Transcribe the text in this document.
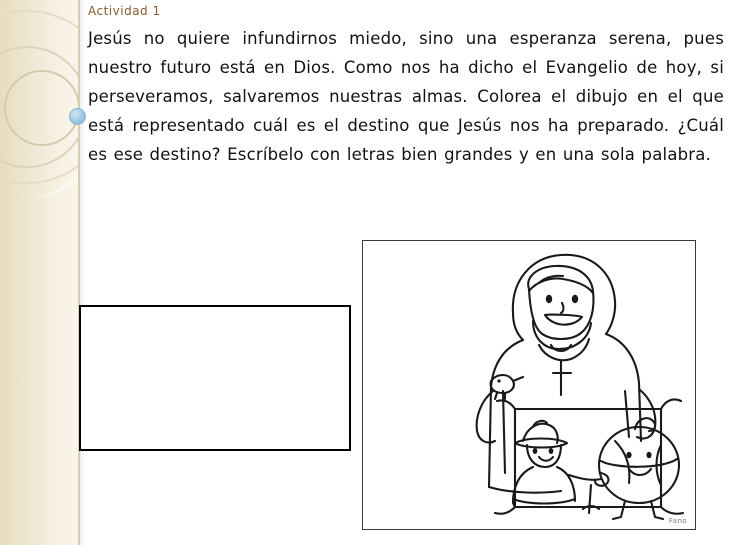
Actividad 1
Jesús no quiere infundirnos miedo, sino una esperanza serena, pues nuestro futuro está en Dios. Como nos ha dicho el Evangelio de hoy, si perseveramos, salvaremos nuestras almas. Colorea el dibujo en el que está representado cuál es el destino que Jesús nos ha preparado. ¿Cuál es ese destino? Escríbelo con letras bien grandes y en una sola palabra.
Fano
